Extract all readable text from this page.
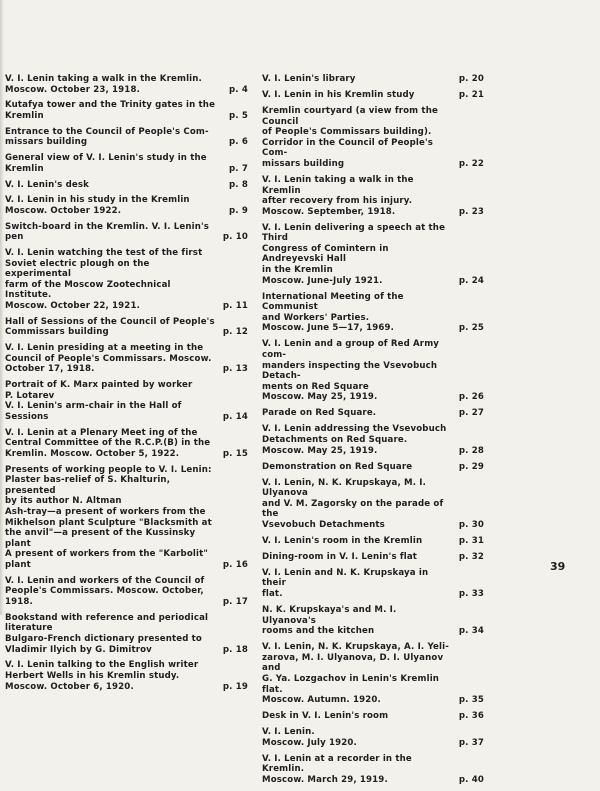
V. I. Lenin taking a walk in the Kremlin.
Moscow. October 23, 1918.	p. 4
Kutafya tower and the Trinity gates in the
Kremlin	p. 5
Entrance to the Council of People's Com-
missars building	p. 6
General view of V. I. Lenin's study in the
Kremlin	p. 7
V. I. Lenin's desk	p. 8
V. I. Lenin in his study in the Kremlin
Moscow. October 1922.	p. 9
Switch-board in the Kremlin. V. I. Lenin's
pen	p. 10
V. I. Lenin watching the test of the first
Soviet electric plough on the experimental
farm of the Moscow Zootechnical Institute.
Moscow. October 22, 1921.	p. 11
Hall of Sessions of the Council of People's
Commissars building	p. 12
V. I. Lenin presiding at a meeting in the
Council of People's Commissars. Moscow.
October 17, 1918.	p. 13
Portrait of K. Marx painted by worker
P. Lotarev
V. I. Lenin's arm-chair in the Hall of Sessions	p. 14
V. I. Lenin at a Plenary Meet ing of the
Central Committee of the R.C.P.(B) in the
Kremlin. Moscow. October 5, 1922.	p. 15
Presents of working people to V. I. Lenin:
Plaster bas-relief of S. Khalturin, presented
by its author N. Altman
Ash-tray—a present of workers from the
Mikhelson plant Sculpture "Blacksmith at
the anvil"—a present of the Kussinsky
plant
A present of workers from the "Karbolit"
plant	p. 16
V. I. Lenin and workers of the Council of
People's Commissars. Moscow. October,
1918.	p. 17
Bookstand with reference and periodical
literature
Bulgaro-French dictionary presented to
Vladimir Ilyich by G. Dimitrov	p. 18
V. I. Lenin talking to the English writer
Herbert Wells in his Kremlin study.
Moscow. October 6, 1920.	p. 19
V. I. Lenin's library	p. 20
V. I. Lenin in his Kremlin study	p. 21
Kremlin courtyard (a view from the Council
of People's Commissars building).
Corridor in the Council of People's Com-
missars building	p. 22
V. I. Lenin taking a walk in the Kremlin
after recovery from his injury.
Moscow. September, 1918.	p. 23
V. I. Lenin delivering a speech at the Third
Congress of Comintern in Andreyevski Hall
in the Kremlin
Moscow. June-July 1921.	p. 24
International Meeting of the Communist
and Workers' Parties.
Moscow. June 5—17, 1969.	p. 25
V. I. Lenin and a group of Red Army com-
manders inspecting the Vsevobuch Detach-
ments on Red Square
Moscow. May 25, 1919.	p. 26
Parade on Red Square.	p. 27
V. I. Lenin addressing the Vsevobuch
Detachments on Red Square.
Moscow. May 25, 1919.	p. 28
Demonstration on Red Square	p. 29
V. I. Lenin, N. K. Krupskaya, M. I. Ulyanova
and V. M. Zagorsky on the parade of the
Vsevobuch Detachments	p. 30
V. I. Lenin's room in the Kremlin	p. 31
Dining-room in V. I. Lenin's flat	p. 32
V. I. Lenin and N. K. Krupskaya in their
flat.	p. 33
N. K. Krupskaya's and M. I. Ulyanova's
rooms and the kitchen	p. 34
V. I. Lenin, N. K. Krupskaya, A. I. Yeli-
zarova, M. I. Ulyanova, D. I. Ulyanov and
G. Ya. Lozgachov in Lenin's Kremlin flat.
Moscow. Autumn. 1920.	p. 35
Desk in V. I. Lenin's room	p. 36
V. I. Lenin.
Moscow. July 1920.	p. 37
V. I. Lenin at a recorder in the Kremlin.
Moscow. March 29, 1919.	p. 40
39
